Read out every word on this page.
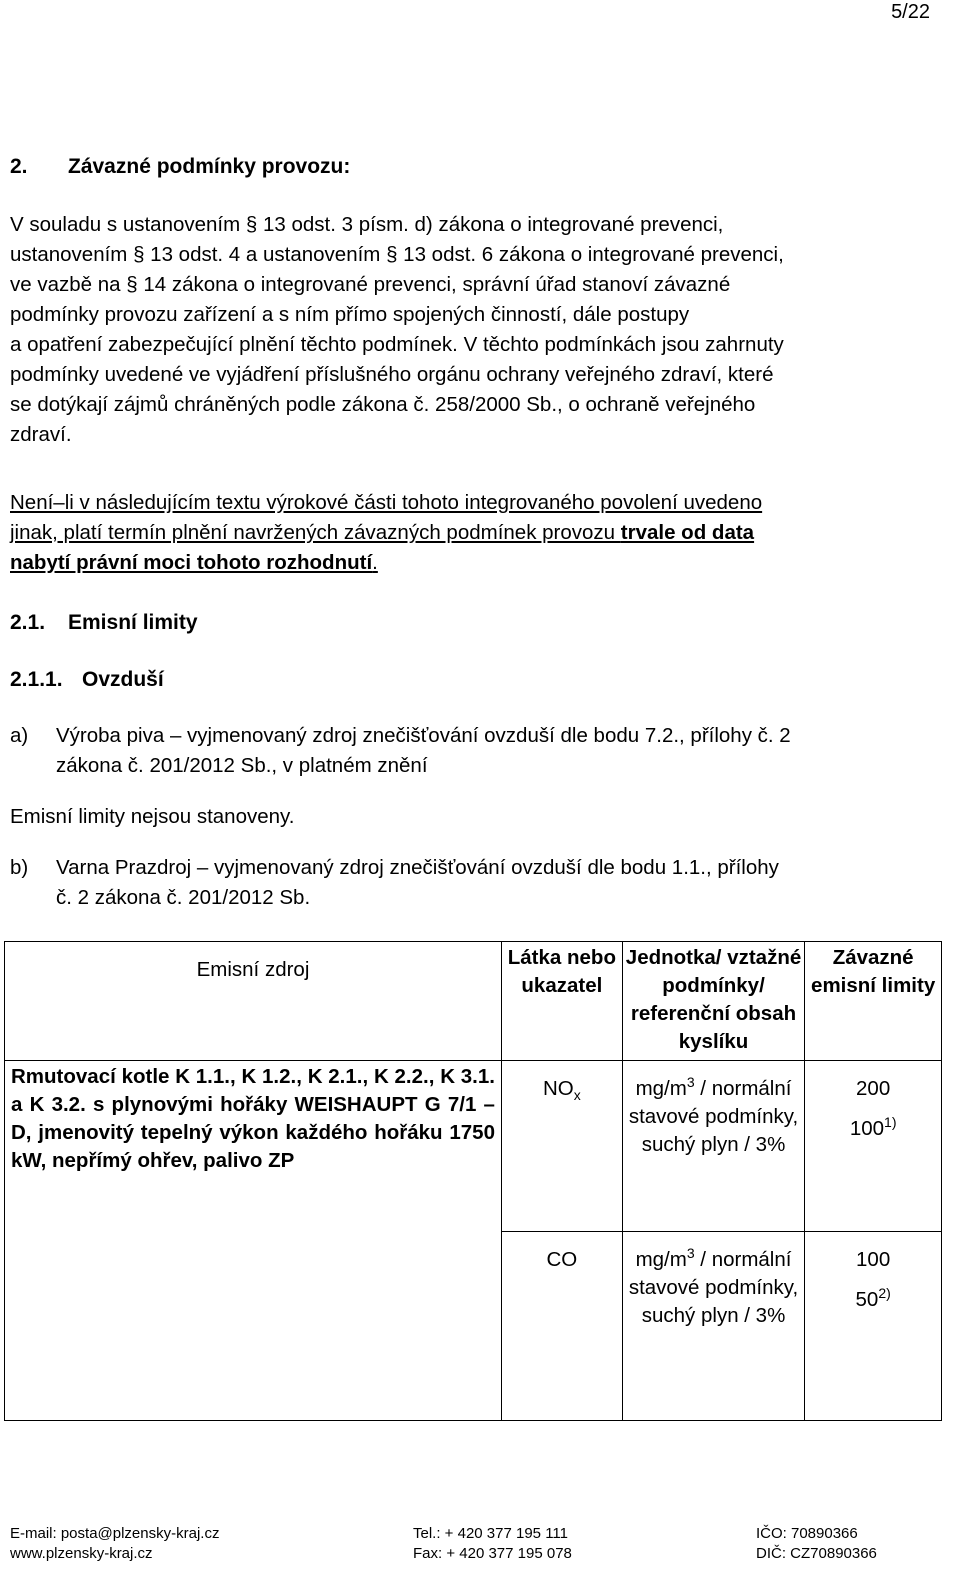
5/22
2. Závazné podmínky provozu:

V souladu s ustanovením § 13 odst. 3 písm. d) zákona o integrované prevenci,

ustanovením § 13 odst. 4 a ustanovením § 13 odst. 6 zákona o integrované prevenci,

ve vazbě na § 14 zákona o integrované prevenci, správní úřad stanoví závazné

podmínky provozu zařízení a s ním přímo spojených činností, dále postupy

a opatření zabezpečující plnění těchto podmínek. V těchto podmínkách jsou zahrnuty

podmínky uvedené ve vyjádření příslušného orgánu ochrany veřejného zdraví, které

se dotýkají zájmů chráněných podle zákona č. 258/2000 Sb., o ochraně veřejného

zdraví.

Není–li v následujícím textu výrokové části tohoto integrovaného povolení uvedeno

jinak, platí termín plnění navržených závazných podmínek provozu trvale od data

nabytí právní moci tohoto rozhodnutí.

2.1. Emisní limity
2.1.1. Ovzduší
a) Výroba piva – vyjmenovaný zdroj znečišťování ovzduší dle bodu 7.2., přílohy č. 2
zákona č. 201/2012 Sb., v platném znění
Emisní limity nejsou stanoveny.
b) Varna Prazdroj – vyjmenovaný zdroj znečišťování ovzduší dle bodu 1.1., přílohy
č. 2 zákona č. 201/2012 Sb.
Emisní zdroj	Látka nebo ukazatel	Jednotka/ vztažné podmínky/ referenční obsah kyslíku	Závazné emisní limity
Rmutovací kotle K 1.1., K 1.2., K 2.1., K 2.2., K 3.1. a K 3.2. s plynovými hořáky WEISHAUPT G 7/1 – D, jmenovitý tepelný výkon každého hořáku 1750 kW, nepřímý ohřev, palivo ZP	$NO_x$	$mg/m^3$ / normální stavové podmínky, suchý plyn / 3%	200
100$^{1)}$

	CO	$mg/m^3$ / normální stavové podmínky, suchý plyn / 3%	100
50$^{2)}$
E-mail: posta@plzensky-kraj.cz
www.plzensky-kraj.cz
Tel.: + 420 377 195 111
Fax: + 420 377 195 078
IČO: 70890366
DIČ: CZ70890366
